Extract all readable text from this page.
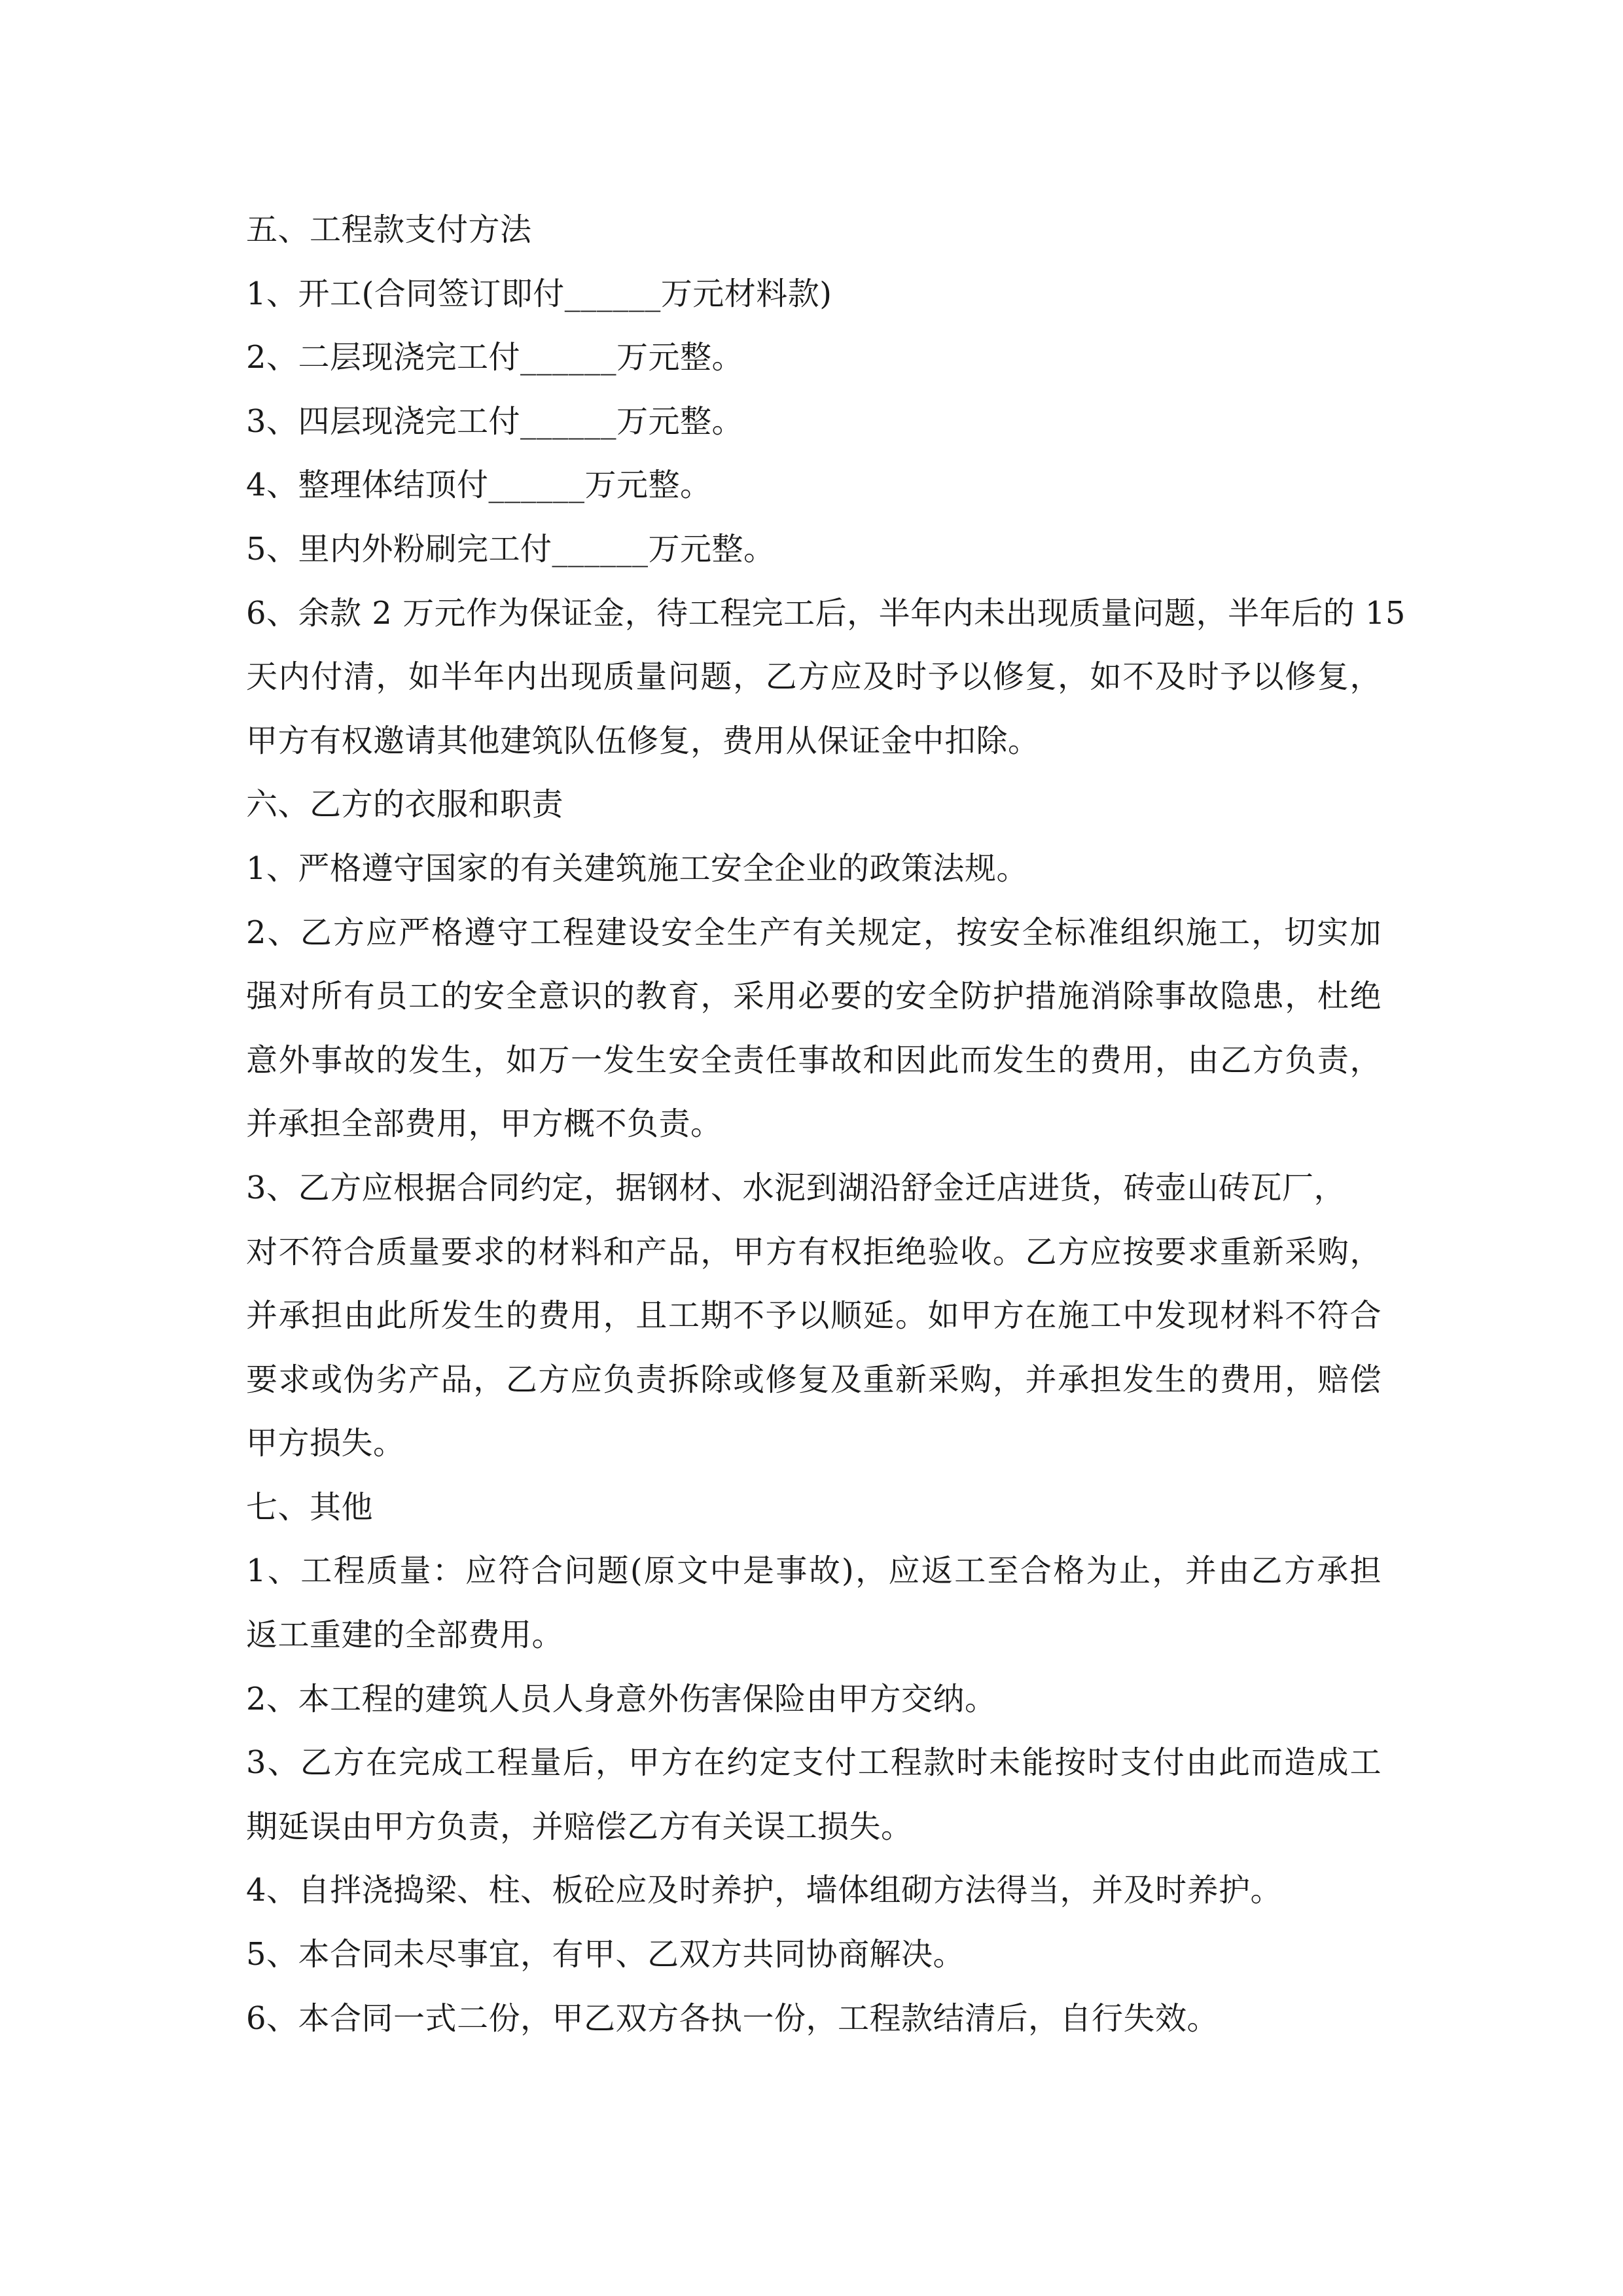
五、工程款支付方法
1、开工(合同签订即付______万元材料款)
2、二层现浇完工付______万元整。
3、四层现浇完工付______万元整。
4、整理体结顶付______万元整。
5、里内外粉刷完工付______万元整。
6、余款 2 万元作为保证金，待工程完工后，半年内未出现质量问题，半年后的 15
天内付清，如半年内出现质量问题，乙方应及时予以修复，如不及时予以修复，
甲方有权邀请其他建筑队伍修复，费用从保证金中扣除。
六、乙方的衣服和职责
1、严格遵守国家的有关建筑施工安全企业的政策法规。
2、乙方应严格遵守工程建设安全生产有关规定，按安全标准组织施工，切实加
强对所有员工的安全意识的教育，采用必要的安全防护措施消除事故隐患，杜绝
意外事故的发生，如万一发生安全责任事故和因此而发生的费用，由乙方负责，
并承担全部费用，甲方概不负责。
3、乙方应根据合同约定，据钢材、水泥到湖沿舒金迁店进货，砖壶山砖瓦厂，
对不符合质量要求的材料和产品，甲方有权拒绝验收。乙方应按要求重新采购，
并承担由此所发生的费用，且工期不予以顺延。如甲方在施工中发现材料不符合
要求或伪劣产品，乙方应负责拆除或修复及重新采购，并承担发生的费用，赔偿
甲方损失。
七、其他
1、工程质量：应符合问题(原文中是事故)，应返工至合格为止，并由乙方承担
返工重建的全部费用。
2、本工程的建筑人员人身意外伤害保险由甲方交纳。
3、乙方在完成工程量后，甲方在约定支付工程款时未能按时支付由此而造成工
期延误由甲方负责，并赔偿乙方有关误工损失。
4、自拌浇捣梁、柱、板砼应及时养护，墙体组砌方法得当，并及时养护。
5、本合同未尽事宜，有甲、乙双方共同协商解决。
6、本合同一式二份，甲乙双方各执一份，工程款结清后，自行失效。
